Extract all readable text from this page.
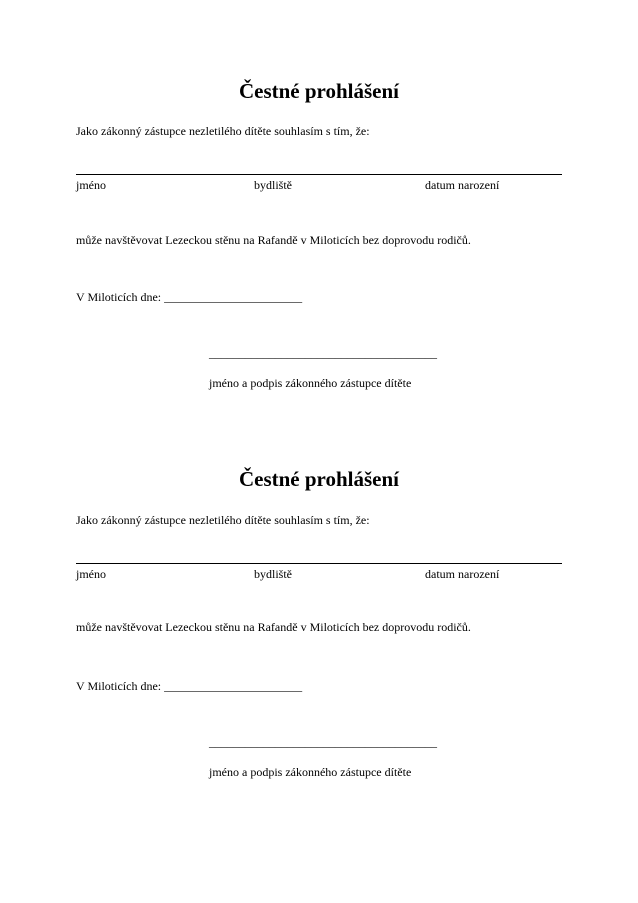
Čestné prohlášení
Jako zákonný zástupce nezletilého dítěte souhlasím s tím, že:
jméno	bydliště	datum narození
může navštěvovat Lezeckou stěnu na Rafandě v Miloticích bez doprovodu rodičů.
V Miloticích dne: _______________________
______________________________________
jméno a podpis zákonného zástupce dítěte
Čestné prohlášení
Jako zákonný zástupce nezletilého dítěte souhlasím s tím, že:
jméno	bydliště	datum narození
může navštěvovat Lezeckou stěnu na Rafandě v Miloticích bez doprovodu rodičů.
V Miloticích dne: _______________________
______________________________________
jméno a podpis zákonného zástupce dítěte
